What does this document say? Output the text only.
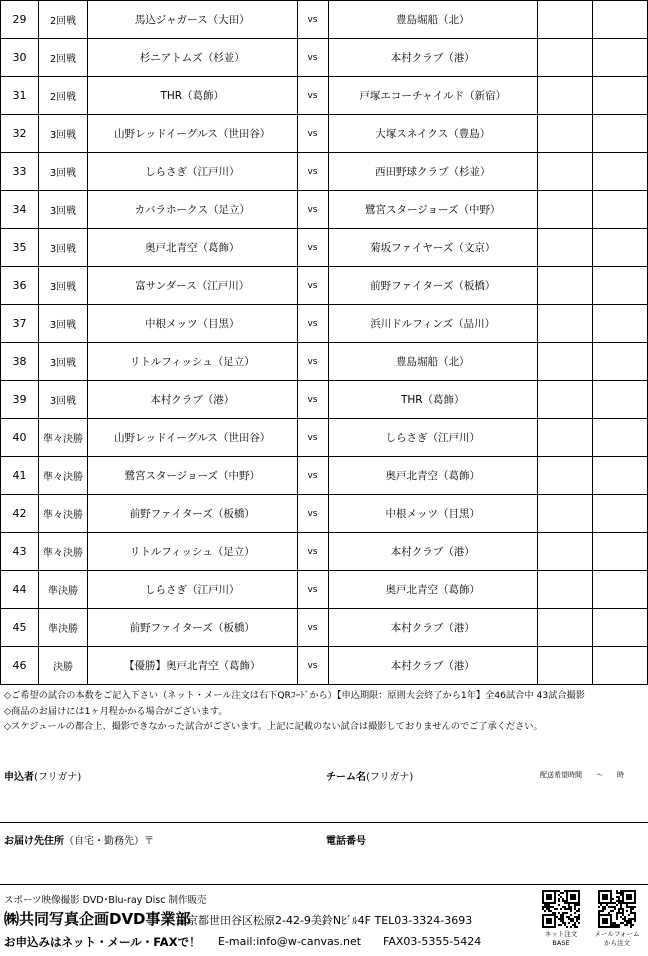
29	2回戦	馬込ジャガース（大田）	vs	豊島堀船（北）		
30	2回戦	杉ニアトムズ（杉並）	vs	本村クラブ（港）		
31	2回戦	THR（葛飾）	vs	戸塚エコーチャイルド（新宿）		
32	3回戦	山野レッドイーグルス（世田谷）	vs	大塚スネイクス（豊島）		
33	3回戦	しらさぎ（江戸川）	vs	西田野球クラブ（杉並）		
34	3回戦	カバラホークス（足立）	vs	鷺宮スタージョーズ（中野）		
35	3回戦	奥戸北青空（葛飾）	vs	菊坂ファイヤーズ（文京）		
36	3回戦	富サンダース（江戸川）	vs	前野ファイターズ（板橋）		
37	3回戦	中根メッツ（目黒）	vs	浜川ドルフィンズ（品川）		
38	3回戦	リトルフィッシュ（足立）	vs	豊島堀船（北）		
39	3回戦	本村クラブ（港）	vs	THR（葛飾）		
40	準々決勝	山野レッドイーグルス（世田谷）	vs	しらさぎ（江戸川）		
41	準々決勝	鷺宮スタージョーズ（中野）	vs	奥戸北青空（葛飾）		
42	準々決勝	前野ファイターズ（板橋）	vs	中根メッツ（目黒）		
43	準々決勝	リトルフィッシュ（足立）	vs	本村クラブ（港）		
44	準決勝	しらさぎ（江戸川）	vs	奥戸北青空（葛飾）		
45	準決勝	前野ファイターズ（板橋）	vs	本村クラブ（港）		
46	決勝	【優勝】奥戸北青空（葛飾）	vs	本村クラブ（港）		
◇ご希望の試合の本数をご記入下さい（ネット・メール注文は右下QRｺｰﾄﾞから）【申込期限：原則大会終了から1年】全46試合中 43試合撮影
◇商品のお届けには1ヶ月程かかる場合がございます。
◇スケジュールの都合上、撮影できなかった試合がございます。上記に記載のない試合は撮影しておりませんのでご了承ください。
申込者(フリガナ)	チーム名(フリガナ)	配送希望時間　　〜　　時
お届け先住所（自宅・勤務先）〒	電話番号
スポーツ映像撮影 DVD･Blu-ray Disc 制作販売
㈱共同写真企画DVD事業部
東京都世田谷区松原2-42-9美鈴Nﾋﾞﾙ4F TEL03-3324-3693
お申込みはネット・メール・FAXで！ E-mail:info@w-canvas.net FAX03-5355-5424
ネット注文
BASE
メールフォーム
から注文
